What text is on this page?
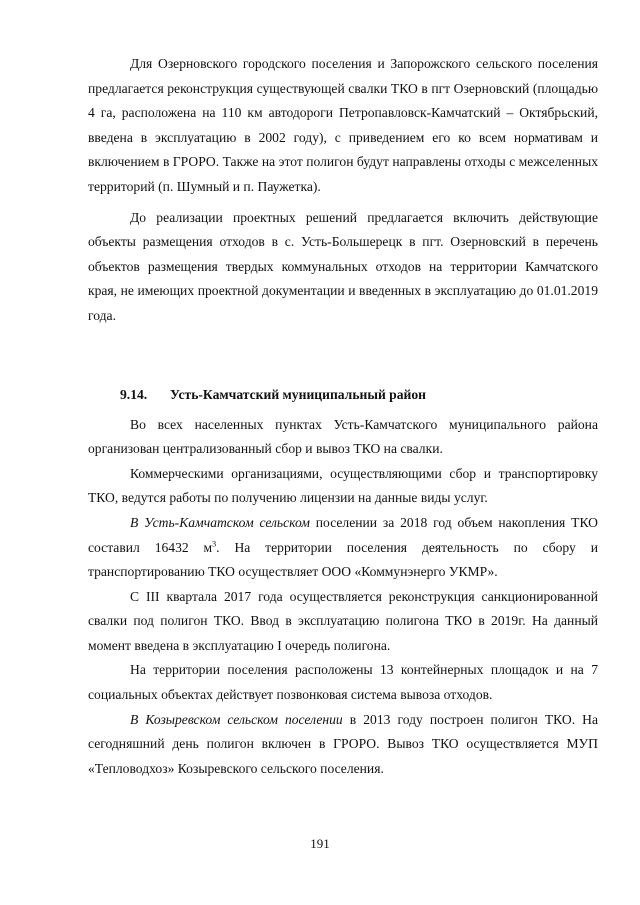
Для Озерновского городского поселения и Запорожского сельского поселения предлагается реконструкция существующей свалки ТКО в пгт Озерновский (площадью 4 га, расположена на 110 км автодороги Петропавловск-Камчатский – Октябрьский, введена в эксплуатацию в 2002 году), с приведением его ко всем нормативам и включением в ГРОРО. Также на этот полигон будут направлены отходы с межселенных территорий (п. Шумный и п. Паужетка).

До реализации проектных решений предлагается включить действующие объекты размещения отходов в с. Усть-Большерецк в пгт. Озерновский в перечень объектов размещения твердых коммунальных отходов на территории Камчатского края, не имеющих проектной документации и введенных в эксплуатацию до 01.01.2019 года.

9.14.	Усть-Камчатский муниципальный район

Во всех населенных пунктах Усть-Камчатского муниципального района организован централизованный сбор и вывоз ТКО на свалки.

Коммерческими организациями, осуществляющими сбор и транспортировку ТКО, ведутся работы по получению лицензии на данные виды услуг.

В Усть-Камчатском сельском поселении за 2018 год объем накопления ТКО составил 16432 $м^3$. На территории поселения деятельность по сбору и транспортированию ТКО осуществляет ООО «Коммунэнерго УКМР».

С III квартала 2017 года осуществляется реконструкция санкционированной свалки под полигон ТКО. Ввод в эксплуатацию полигона ТКО в 2019г. На данный момент введена в эксплуатацию I очередь полигона.

На территории поселения расположены 13 контейнерных площадок и на 7 социальных объектах действует позвонковая система вывоза отходов.

В Козыревском сельском поселении в 2013 году построен полигон ТКО. На сегодняшний день полигон включен в ГРОРО. Вывоз ТКО осуществляется МУП «Тепловодхоз» Козыревского сельского поселения.

191
